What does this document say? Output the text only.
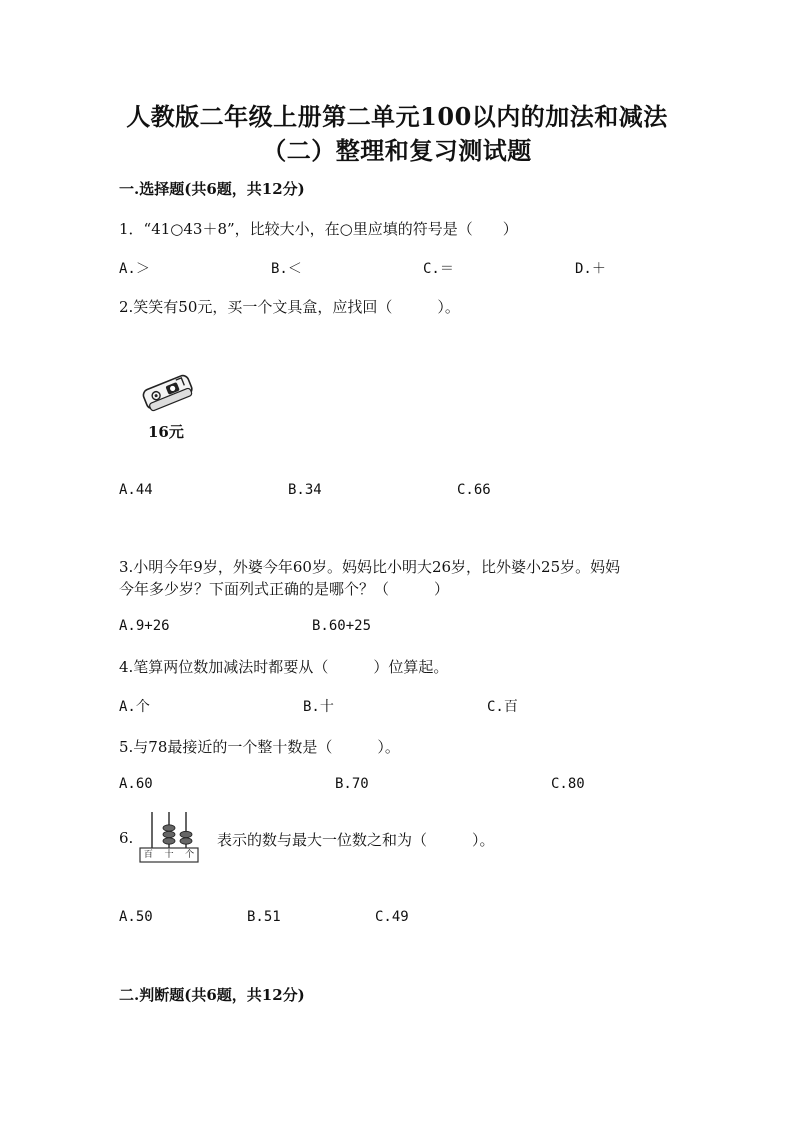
人教版二年级上册第二单元100以内的加法和减法
（二）整理和复习测试题
一.选择题(共6题，共12分)
1．“41○43＋8”，比较大小，在○里应填的符号是（　　）
A.＞	B.＜	C.＝	D.＋
2.笑笑有50元，买一个文具盒，应找回（　　　）。
16元
A.44	B.34	C.66
3.小明今年9岁，外婆今年60岁。妈妈比小明大26岁，比外婆小25岁。妈妈
今年多少岁？下面列式正确的是哪个？（　　　）
A.9+26	B.60+25
4.笔算两位数加减法时都要从（　　　）位算起。
A.个	B.十	C.百
5.与78最接近的一个整十数是（　　　）。
A.60	B.70	C.80
6.
百 十 个
表示的数与最大一位数之和为（　　　）。
A.50	B.51	C.49
二.判断题(共6题，共12分)
